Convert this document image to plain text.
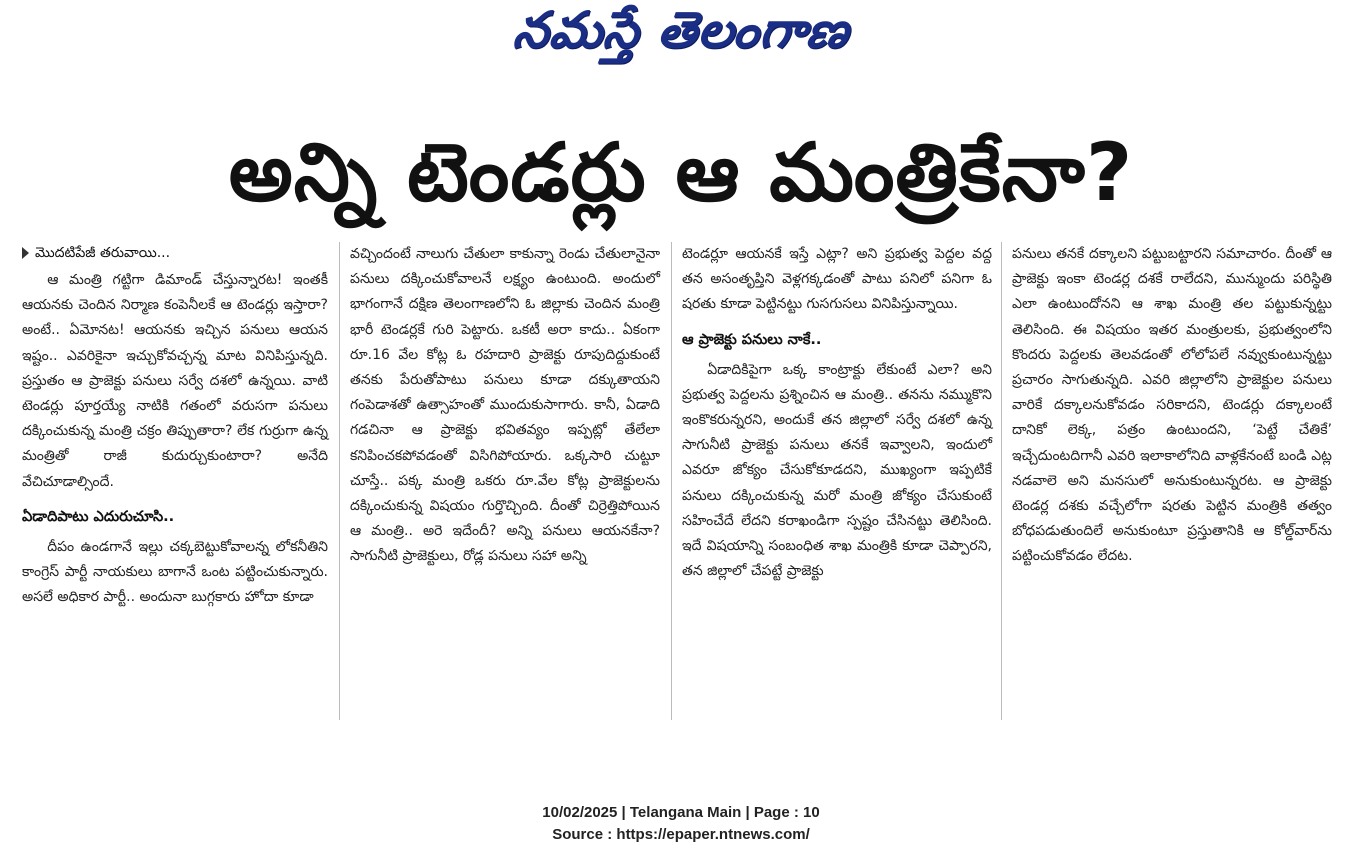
నమస్తే తెలంగాణ
అన్ని టెండర్లు ఆ మంత్రికేనా?
మొదటిపేజీ తరువాయి...

ఆ మంత్రి గట్టిగా డిమాండ్‌ చేస్తున్నారట! ఇంతకీ ఆయనకు చెందిన నిర్మాణ కంపెనీలకే ఆ టెండర్లు ఇస్తారా? అంటే.. ఏమోనట! ఆయనకు ఇచ్చిన పనులు ఆయన ఇష్టం.. ఎవరికైనా ఇచ్చుకోవచ్చన్న మాట వినిపిస్తున్నది. ప్రస్తుతం ఆ ప్రాజెక్టు పనులు సర్వే దశలో ఉన్నయి. వాటి టెండర్లు పూర్తయ్యే నాటికి గతంలో వరుసగా పనులు దక్కించుకున్న మంత్రి చక్రం తిప్పుతారా? లేక గుర్రుగా ఉన్న మంత్రితో రాజీ కుదుర్చుకుంటారా? అనేది వేచిచూడాల్సిందే.

ఏడాదిపాటు ఎదురుచూసి..

దీపం ఉండగానే ఇల్లు చక్కబెట్టుకోవాలన్న లోకనీతిని కాంగ్రెస్‌ పార్టీ నాయకులు బాగానే ఒంట పట్టించుకున్నారు. అసలే అధికార పార్టీ.. అందునా బుగ్గకారు హోదా కూడా

వచ్చిందంటే నాలుగు చేతులా కాకున్నా రెండు చేతులానైనా పనులు దక్కించుకోవాలనే లక్ష్యం ఉంటుంది. అందులో భాగంగానే దక్షిణ తెలంగాణలోని ఓ జిల్లాకు చెందిన మంత్రి భారీ టెండర్లకే గురి పెట్టారు. ఒకటీ అరా కాదు.. ఏకంగా రూ.16 వేల కోట్ల ఓ రహదారి ప్రాజెక్టు రూపుదిద్దుకుంటే తనకు పేరుతోపాటు పనులు కూడా దక్కుతాయని గంపెడాశతో ఉత్సాహంతో ముందుకుసాగారు. కానీ, ఏడాది గడచినా ఆ ప్రాజెక్టు భవితవ్యం ఇప్పట్లో తేలేలా కనిపించకపోవడంతో విసిగిపోయారు. ఒక్కసారి చుట్టూ చూస్తే.. పక్క మంత్రి ఒకరు రూ.వేల కోట్ల ప్రాజెక్టులను దక్కించుకున్న విషయం గుర్తొచ్చింది. దీంతో చిర్రెత్తిపోయిన ఆ మంత్రి.. అరె ఇదేందీ? అన్ని పనులు ఆయనకేనా? సాగునీటి ప్రాజెక్టులు, రోడ్ల పనులు సహా అన్ని

టెండర్లూ ఆయనకే ఇస్తే ఎట్లా? అని ప్రభుత్వ పెద్దల వద్ద తన అసంతృప్తిని వెళ్లగక్కడంతో పాటు పనిలో పనిగా ఓ షరతు కూడా పెట్టినట్టు గుసగుసలు వినిపిస్తున్నాయి.

ఆ ప్రాజెక్టు పనులు నాకే..

ఏడాదికిపైగా ఒక్క కాంట్రాక్టు లేకుంటే ఎలా? అని ప్రభుత్వ పెద్దలను ప్రశ్నించిన ఆ మంత్రి.. తనను నమ్ముకొని ఇంకొకరున్నరని, అందుకే తన జిల్లాలో సర్వే దశలో ఉన్న సాగునీటి ప్రాజెక్టు పనులు తనకే ఇవ్వాలని, ఇందులో ఎవరూ జోక్యం చేసుకోకూడదని, ముఖ్యంగా ఇప్పటికే పనులు దక్కించుకున్న మరో మంత్రి జోక్యం చేసుకుంటే సహించేదే లేదని కరాఖండిగా స్పష్టం చేసినట్టు తెలిసింది. ఇదే విషయాన్ని సంబంధిత శాఖ మంత్రికి కూడా చెప్పారని, తన జిల్లాలో చేపట్టే ప్రాజెక్టు

పనులు తనకే దక్కాలని పట్టుబట్టారని సమాచారం. దీంతో ఆ ప్రాజెక్టు ఇంకా టెండర్ల దశకే రాలేదని, మున్ముందు పరిస్థితి ఎలా ఉంటుందోనని ఆ శాఖ మంత్రి తల పట్టుకున్నట్టు తెలిసింది. ఈ విషయం ఇతర మంత్రులకు, ప్రభుత్వంలోని కొందరు పెద్దలకు తెలవడంతో లోలోపలే నవ్వుకుంటున్నట్టు ప్రచారం సాగుతున్నది. ఎవరి జిల్లాలోని ప్రాజెక్టుల పనులు వారికే దక్కాలనుకోవడం సరికాదని, టెండర్లు దక్కాలంటే దానికో లెక్క, పత్రం ఉంటుందని, ‘పెట్టే చేతికే’ ఇచ్చేదుంటదిగానీ ఎవరి ఇలాకాలోనిది వాళ్లకేనంటే బండి ఎట్ల నడవాలె అని మనసులో అనుకుంటున్నరట. ఆ ప్రాజెక్టు టెండర్ల దశకు వచ్చేలోగా షరతు పెట్టిన మంత్రికి తత్వం బోధపడుతుందిలే అనుకుంటూ ప్రస్తుతానికి ఆ కోల్డ్‌వార్‌ను పట్టించుకోవడం లేదట.

10/02/2025 | Telangana Main | Page : 10
Source : https://epaper.ntnews.com/
